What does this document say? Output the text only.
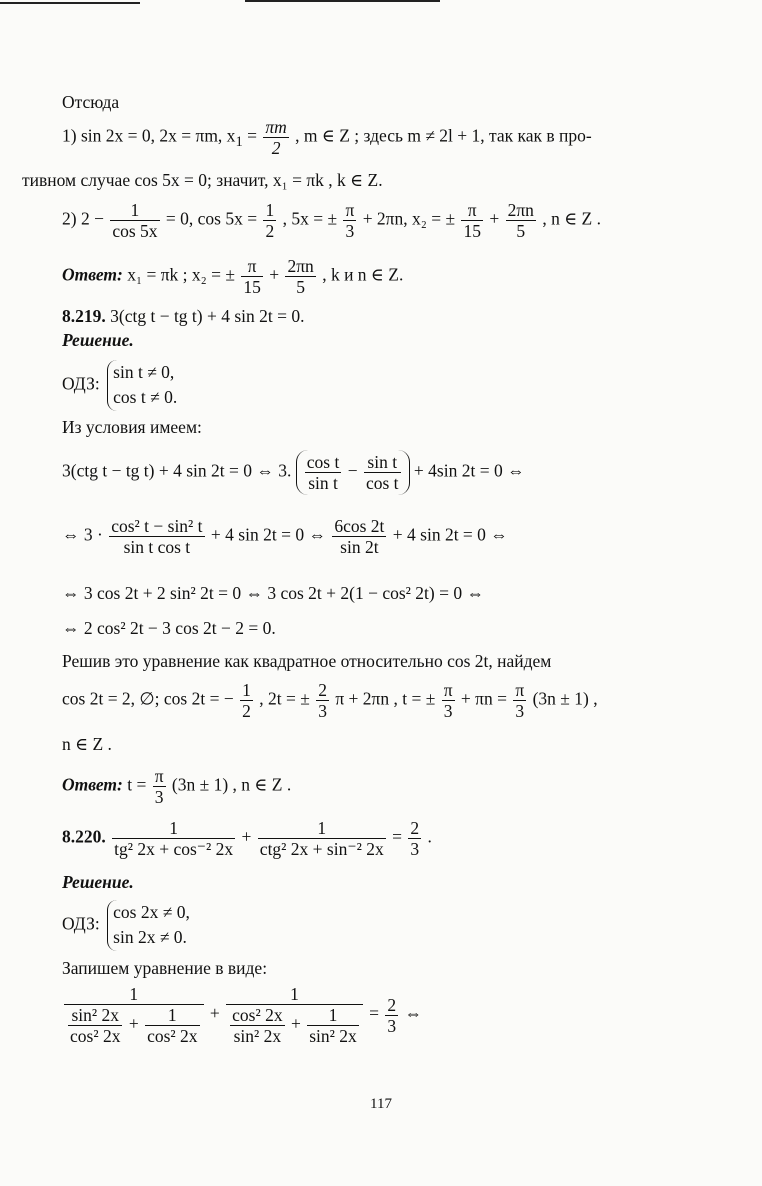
Отсюда
1) sin 2x = 0, 2x = πm, $x_1 = \frac{\pi m}{2}$ , m ∈ Z ; здесь m ≠ 2l + 1, так как в про-
тивном случае cos 5x = 0; значит, x₁ = πk , k ∈ Z.
2) $2 - \frac{1}{\cos 5x} = 0$, $\cos 5x = \frac{1}{2}$ , 5x = ± $\frac{\pi}{3} + 2\pi n$, x₂ = ± $\frac{\pi}{15} + \frac{2\pi n}{5}$ , n ∈ Z .
Ответ: x₁ = πk ; x₂ = ± $\frac{\pi}{15} + \frac{2\pi n}{5}$ , k и n ∈ Z.
8.219. 3(ctg t − tg t) + 4 sin 2t = 0.
Решение.
ОДЗ:
sin t ≠ 0,
cos t ≠ 0.
Из условия имеем:
3(ctg t − tg t) + 4 sin 2t = 0 ⇔ 3. $\frac{\text{cos t}}{\text{sin t}} - \frac{\text{sin t}}{\text{cos t}} + 4\sin$ 2t = 0 ⇔
⇔ $3 \cdot \frac{\text{cos² t − sin² t}}{\text{sin t cos t}} + 4$ sin 2t = 0 ⇔ $\frac{6\cos 2t}{\sin 2t} + 4$ sin 2t = 0 ⇔
⇔ 3 cos 2t + 2 sin² 2t = 0 ⇔ 3 cos 2t + 2(1 − cos² 2t) = 0 ⇔
⇔ 2 cos² 2t − 3 cos 2t − 2 = 0.
Решив это уравнение как квадратное относительно cos 2t, найдем
cos 2t = 2, ∅; cos 2t = − $\frac{1}{2}$ , 2t = ± $\frac{2}{3}$ π + 2πn , t = ± $\frac{\pi}{3} + \pi n = \frac{\pi}{3} (3n \pm 1)$ ,
n ∈ Z .
Ответ: $t = \frac{\pi}{3} (3n \pm 1)$ , n ∈ Z .
8.220. $\frac{1}{\text{tg² 2x + cos⁻² 2x}} + \frac{1}{\text{ctg² 2x + sin⁻² 2x}} = \frac{2}{3}$ .
Решение.
ОДЗ:
cos 2x ≠ 0,
sin 2x ≠ 0.
Запишем уравнение в виде:
$\frac{1}{\frac{\text{sin² 2x}}{\text{cos² 2x}} + \frac{1}{\text{cos² 2x}}} + \frac{1}{\frac{\text{cos² 2x}}{\text{sin² 2x}} + \frac{1}{\text{sin² 2x}}} = \frac{2}{3}$ ⇔
117
